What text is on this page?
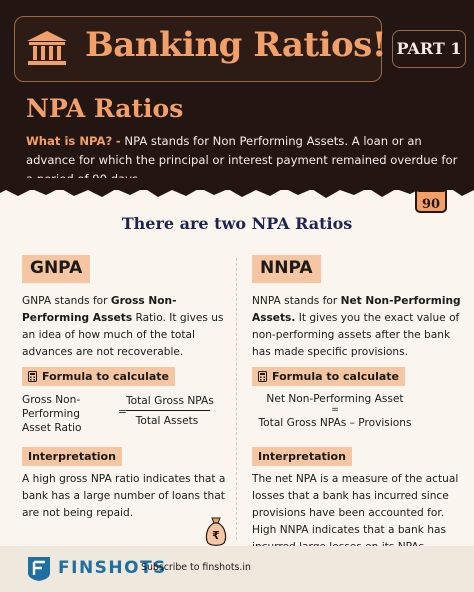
Banking Ratios! PART 1
NPA Ratios
What is NPA? - NPA stands for Non Performing Assets. A loan or an advance for which the principal or interest payment remained overdue for
90
There are two NPA Ratios
GNPA
GNPA stands for Gross Non-Performing Assets Ratio. It gives us an idea of how much of the total advances are not recoverable.
Formula to calculate
Gross Non-Performing Asset Ratio
=
Total Gross NPAs
Total Assets
Interpretation
A high gross NPA ratio indicates that a bank has a large number of loans that are not being repaid.
NNPA
NNPA stands for Net Non-Performing Assets. It gives you the exact value of non-performing assets after the bank has made specific provisions.
Formula to calculate
Net Non-Performing Asset
=
Total Gross NPAs – Provisions
Interpretation
The net NPA is a measure of the actual losses that a bank has incurred since provisions have been accounted for. High NNPA indicates that a bank has
₹
FINSHOTS
Subscribe to finshots.in
